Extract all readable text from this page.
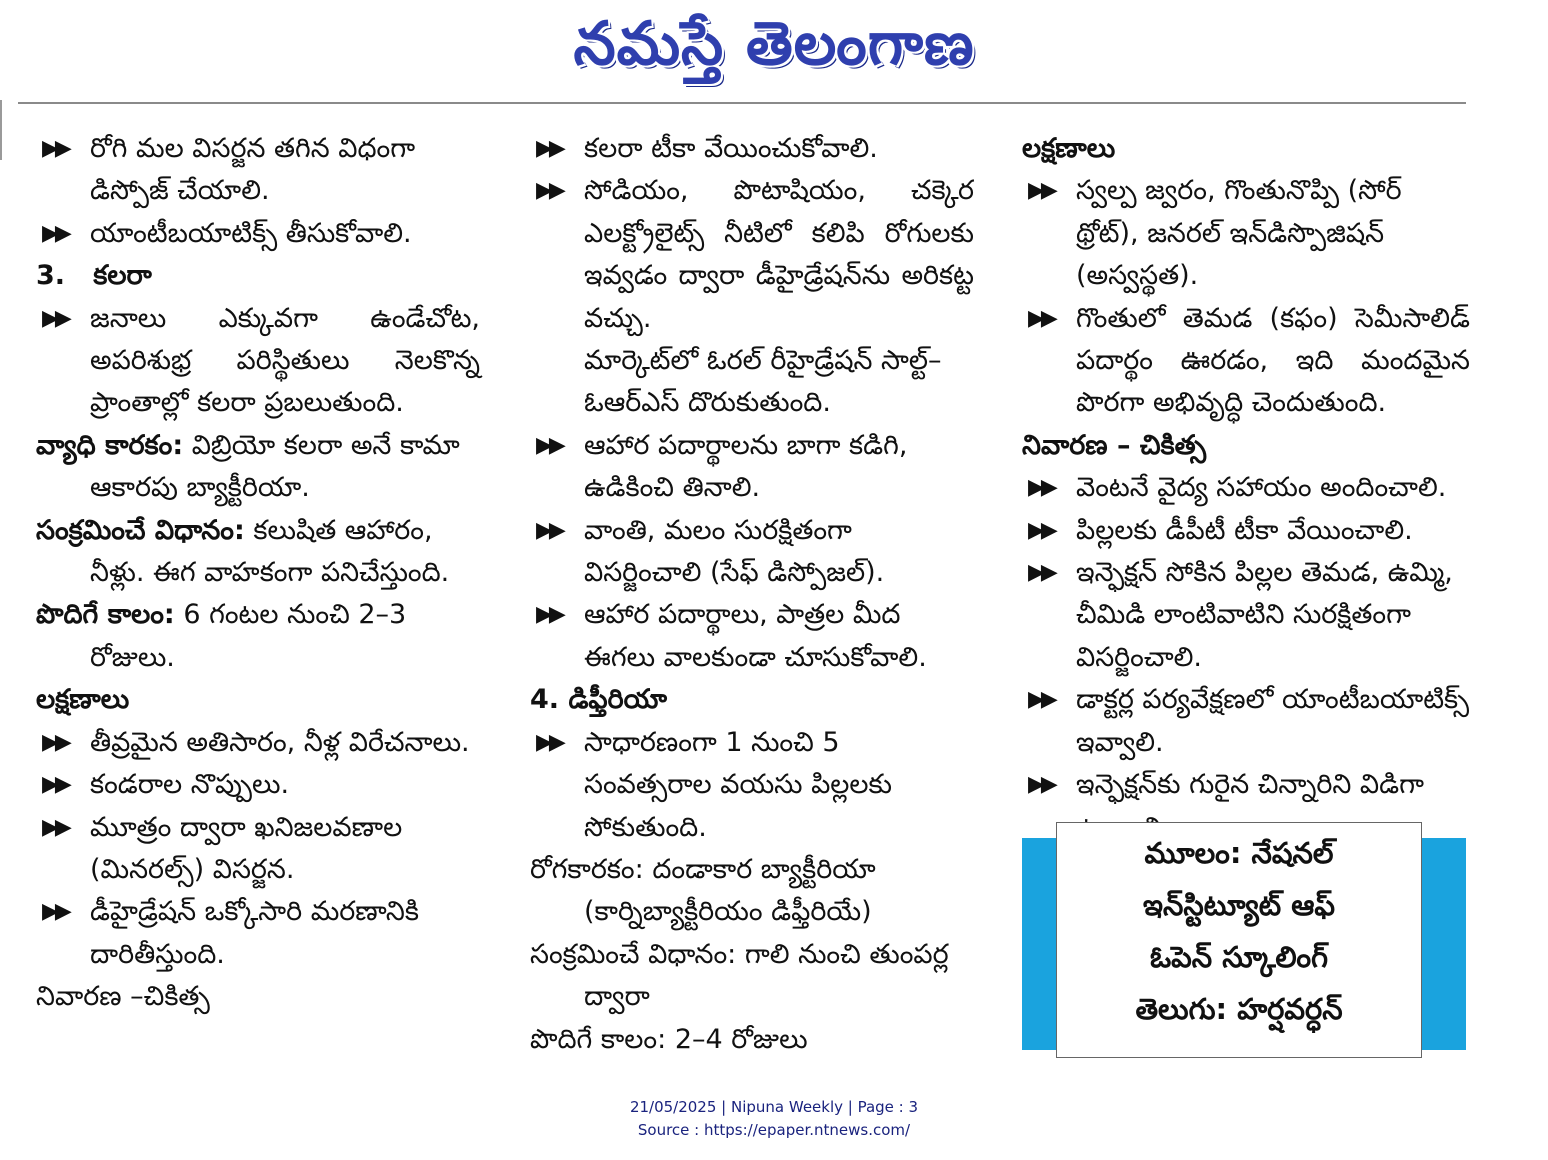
నమస్తే తెలంగాణ
▶▶ రోగి మల విసర్జన తగిన విధంగా డిస్పోజ్ చేయాలి.
▶▶ యాంటీబయాటిక్స్ తీసుకోవాలి.
3. కలరా
▶▶ జనాలు ఎక్కువగా ఉండేచోట, అపరిశుభ్ర పరిస్థితులు నెలకొన్న ప్రాంతాల్లో కలరా ప్రబలుతుంది.
వ్యాధి కారకం: విబ్రియో కలరా అనే కామా ఆకారపు బ్యాక్టీరియా.
సంక్రమించే విధానం: కలుషిత ఆహారం, నీళ్లు. ఈగ వాహకంగా పనిచేస్తుంది.
పొదిగే కాలం: 6 గంటల నుంచి 2–3 రోజులు.
లక్షణాలు
▶▶ తీవ్రమైన అతిసారం, నీళ్ల విరేచనాలు.
▶▶ కండరాల నొప్పులు.
▶▶ మూత్రం ద్వారా ఖనిజలవణాల (మినరల్స్) విసర్జన.
▶▶ డీహైడ్రేషన్ ఒక్కోసారి మరణానికి దారితీస్తుంది.
నివారణ –చికిత్స
▶▶ కలరా టీకా వేయించుకోవాలి.
▶▶ సోడియం, పొటాషియం, చక్కెర ఎలక్ట్రోలైట్స్ నీటిలో కలిపి రోగులకు ఇవ్వడం ద్వారా డీహైడ్రేషన్‌ను అరికట్ట వచ్చు.
మార్కెట్‌లో ఓరల్ రీహైడ్రేషన్ సాల్ట్– ఓఆర్ఎస్ దొరుకుతుంది.
▶▶ ఆహార పదార్థాలను బాగా కడిగి, ఉడికించి తినాలి.
▶▶ వాంతి, మలం సురక్షితంగా విసర్జించాలి (సేఫ్ డిస్పోజల్).
▶▶ ఆహార పదార్థాలు, పాత్రల మీద ఈగలు వాలకుండా చూసుకోవాలి.
4. డిఫ్తీరియా
▶▶ సాధారణంగా 1 నుంచి 5 సంవత్సరాల వయసు పిల్లలకు సోకుతుంది.
రోగకారకం: దండాకార బ్యాక్టీరియా (కార్నిబ్యాక్టీరియం డిఫ్తీరియే)
సంక్రమించే విధానం: గాలి నుంచి తుంపర్ల ద్వారా
పొదిగే కాలం: 2–4 రోజులు
లక్షణాలు
▶▶ స్వల్ప జ్వరం, గొంతునొప్పి (సోర్ థ్రోట్), జనరల్ ఇన్‌డిస్పొజిషన్ (అస్వస్థత).
▶▶ గొంతులో తెమడ (కఫం) సెమీసాలిడ్ పదార్థం ఊరడం, ఇది మందమైన పొరగా అభివృద్ధి చెందుతుంది.
నివారణ – చికిత్స
▶▶ వెంటనే వైద్య సహాయం అందించాలి.
▶▶ పిల్లలకు డీపీటీ టీకా వేయించాలి.
▶▶ ఇన్ఫెక్షన్ సోకిన పిల్లల తెమడ, ఉమ్మి, చీమిడి లాంటివాటిని సురక్షితంగా విసర్జించాలి.
▶▶ డాక్టర్ల పర్యవేక్షణలో యాంటీబయాటిక్స్ ఇవ్వాలి.
▶▶ ఇన్ఫెక్షన్‌కు గురైన చిన్నారిని విడిగా
మూలం: నేషనల్
ఇన్‌స్టిట్యూట్ ఆఫ్
ఓపెన్ స్కూలింగ్
తెలుగు: హర్షవర్ధన్
21/05/2025 | Nipuna Weekly | Page : 3
Source : https://epaper.ntnews.com/
